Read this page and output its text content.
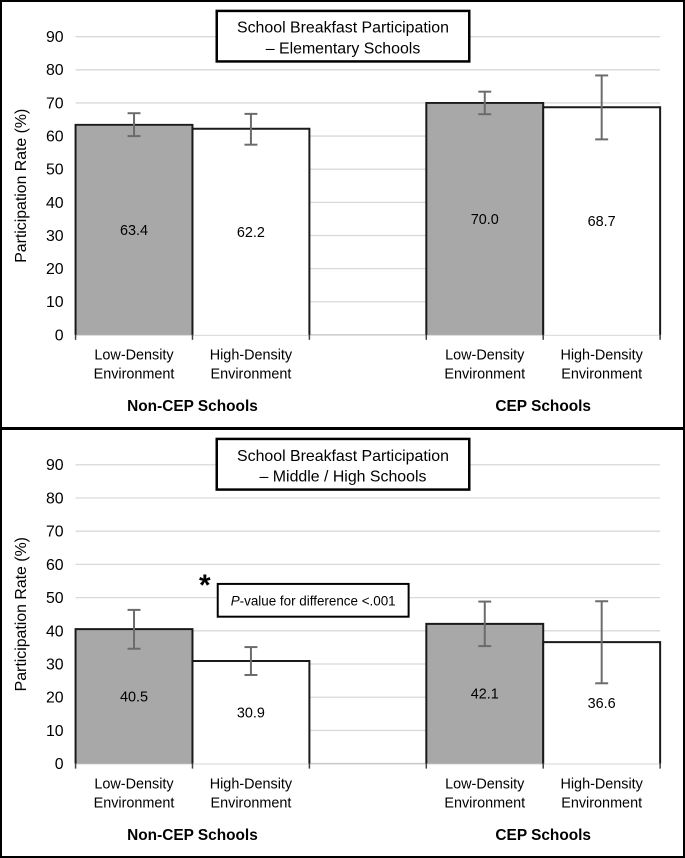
0
10
20
30
40
50
60
70
80
90
Participation Rate (%)	63.4
Low-Density Environment
62.2
High-Density Environment
Non-CEP Schools
70.0
Low-Density Environment
68.7
High-Density Environment
CEP Schools
School Breakfast Participation – Elementary Schools
0
10
20
30
40
50
60
70
80
90
Participation Rate (%)
40.5
Low-Density Environment
30.9
High-Density Environment
Non-CEP Schools
42.1
Low-Density Environment
36.6
High-Density Environment
CEP Schools
School Breakfast Participation – Middle / High Schools
* P-value for difference <.001
